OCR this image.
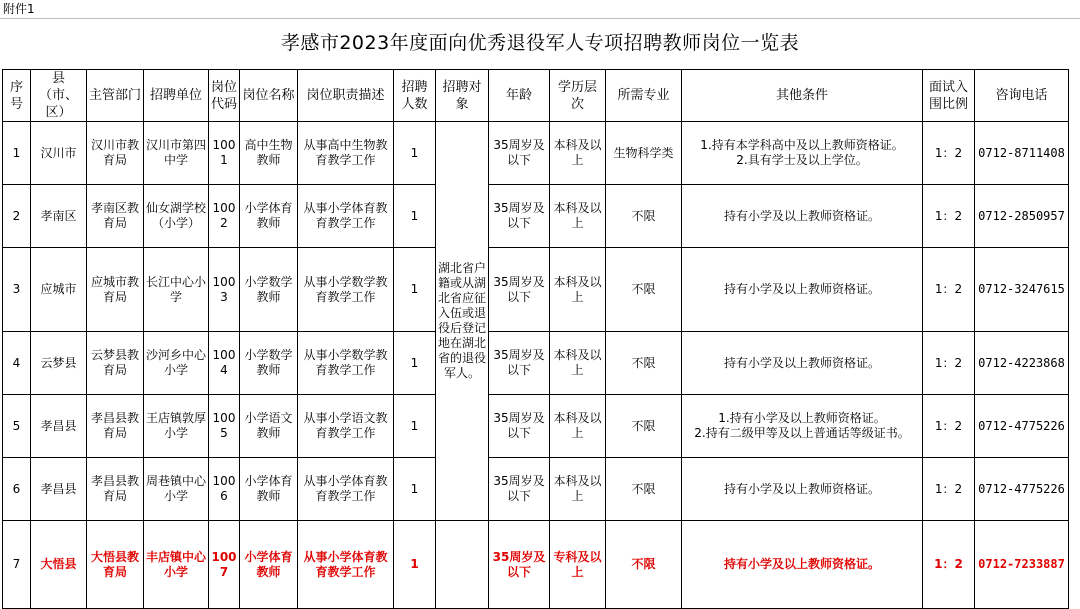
附件1
孝感市2023年度面向优秀退役军人专项招聘教师岗位一览表
序号	县（市、区）	主管部门	招聘单位	岗位代码	岗位名称	岗位职责描述	招聘人数	招聘对象	年龄	学历层次	所需专业	其他条件	面试入围比例	咨询电话
1	汉川市	汉川市教育局	汉川市第四中学	1001	高中生物教师	从事高中生物教育教学工作	1	湖北省户籍或从湖北省应征入伍或退役后登记地在湖北省的退役军人。	35周岁及以下	本科及以上	生物科学类	1.持有本学科高中及以上教师资格证。
2.具有学士及以上学位。	1：2	0712-8711408
2	孝南区	孝南区教育局	仙女湖学校（小学）	1002	小学体育教师	从事小学体育教育教学工作	1		35周岁及以下	本科及以上	不限	持有小学及以上教师资格证。	1：2	0712-2850957
3	应城市	应城市教育局	长江中心小学	1003	小学数学教师	从事小学数学教育教学工作	1		35周岁及以下	本科及以上	不限	持有小学及以上教师资格证。	1：2	0712-3247615
4	云梦县	云梦县教育局	沙河乡中心小学	1004	小学数学教师	从事小学数学教育教学工作	1		35周岁及以下	本科及以上	不限	持有小学及以上教师资格证。	1：2	0712-4223868
5	孝昌县	孝昌县教育局	王店镇敦厚小学	1005	小学语文教师	从事小学语文教育教学工作	1		35周岁及以下	本科及以上	不限	1.持有小学及以上教师资格证。
2.持有二级甲等及以上普通话等级证书。	1：2	0712-4775226
6	孝昌县	孝昌县教育局	周巷镇中心小学	1006	小学体育教师	从事小学体育教育教学工作	1		35周岁及以下	本科及以上	不限	持有小学及以上教师资格证。	1：2	0712-4775226
7	大悟县	大悟县教育局	丰店镇中心小学	1007	小学体育教师	从事小学体育教育教学工作	1		35周岁及以下	专科及以上	不限	持有小学及以上教师资格证。	1：2	0712-7233887
